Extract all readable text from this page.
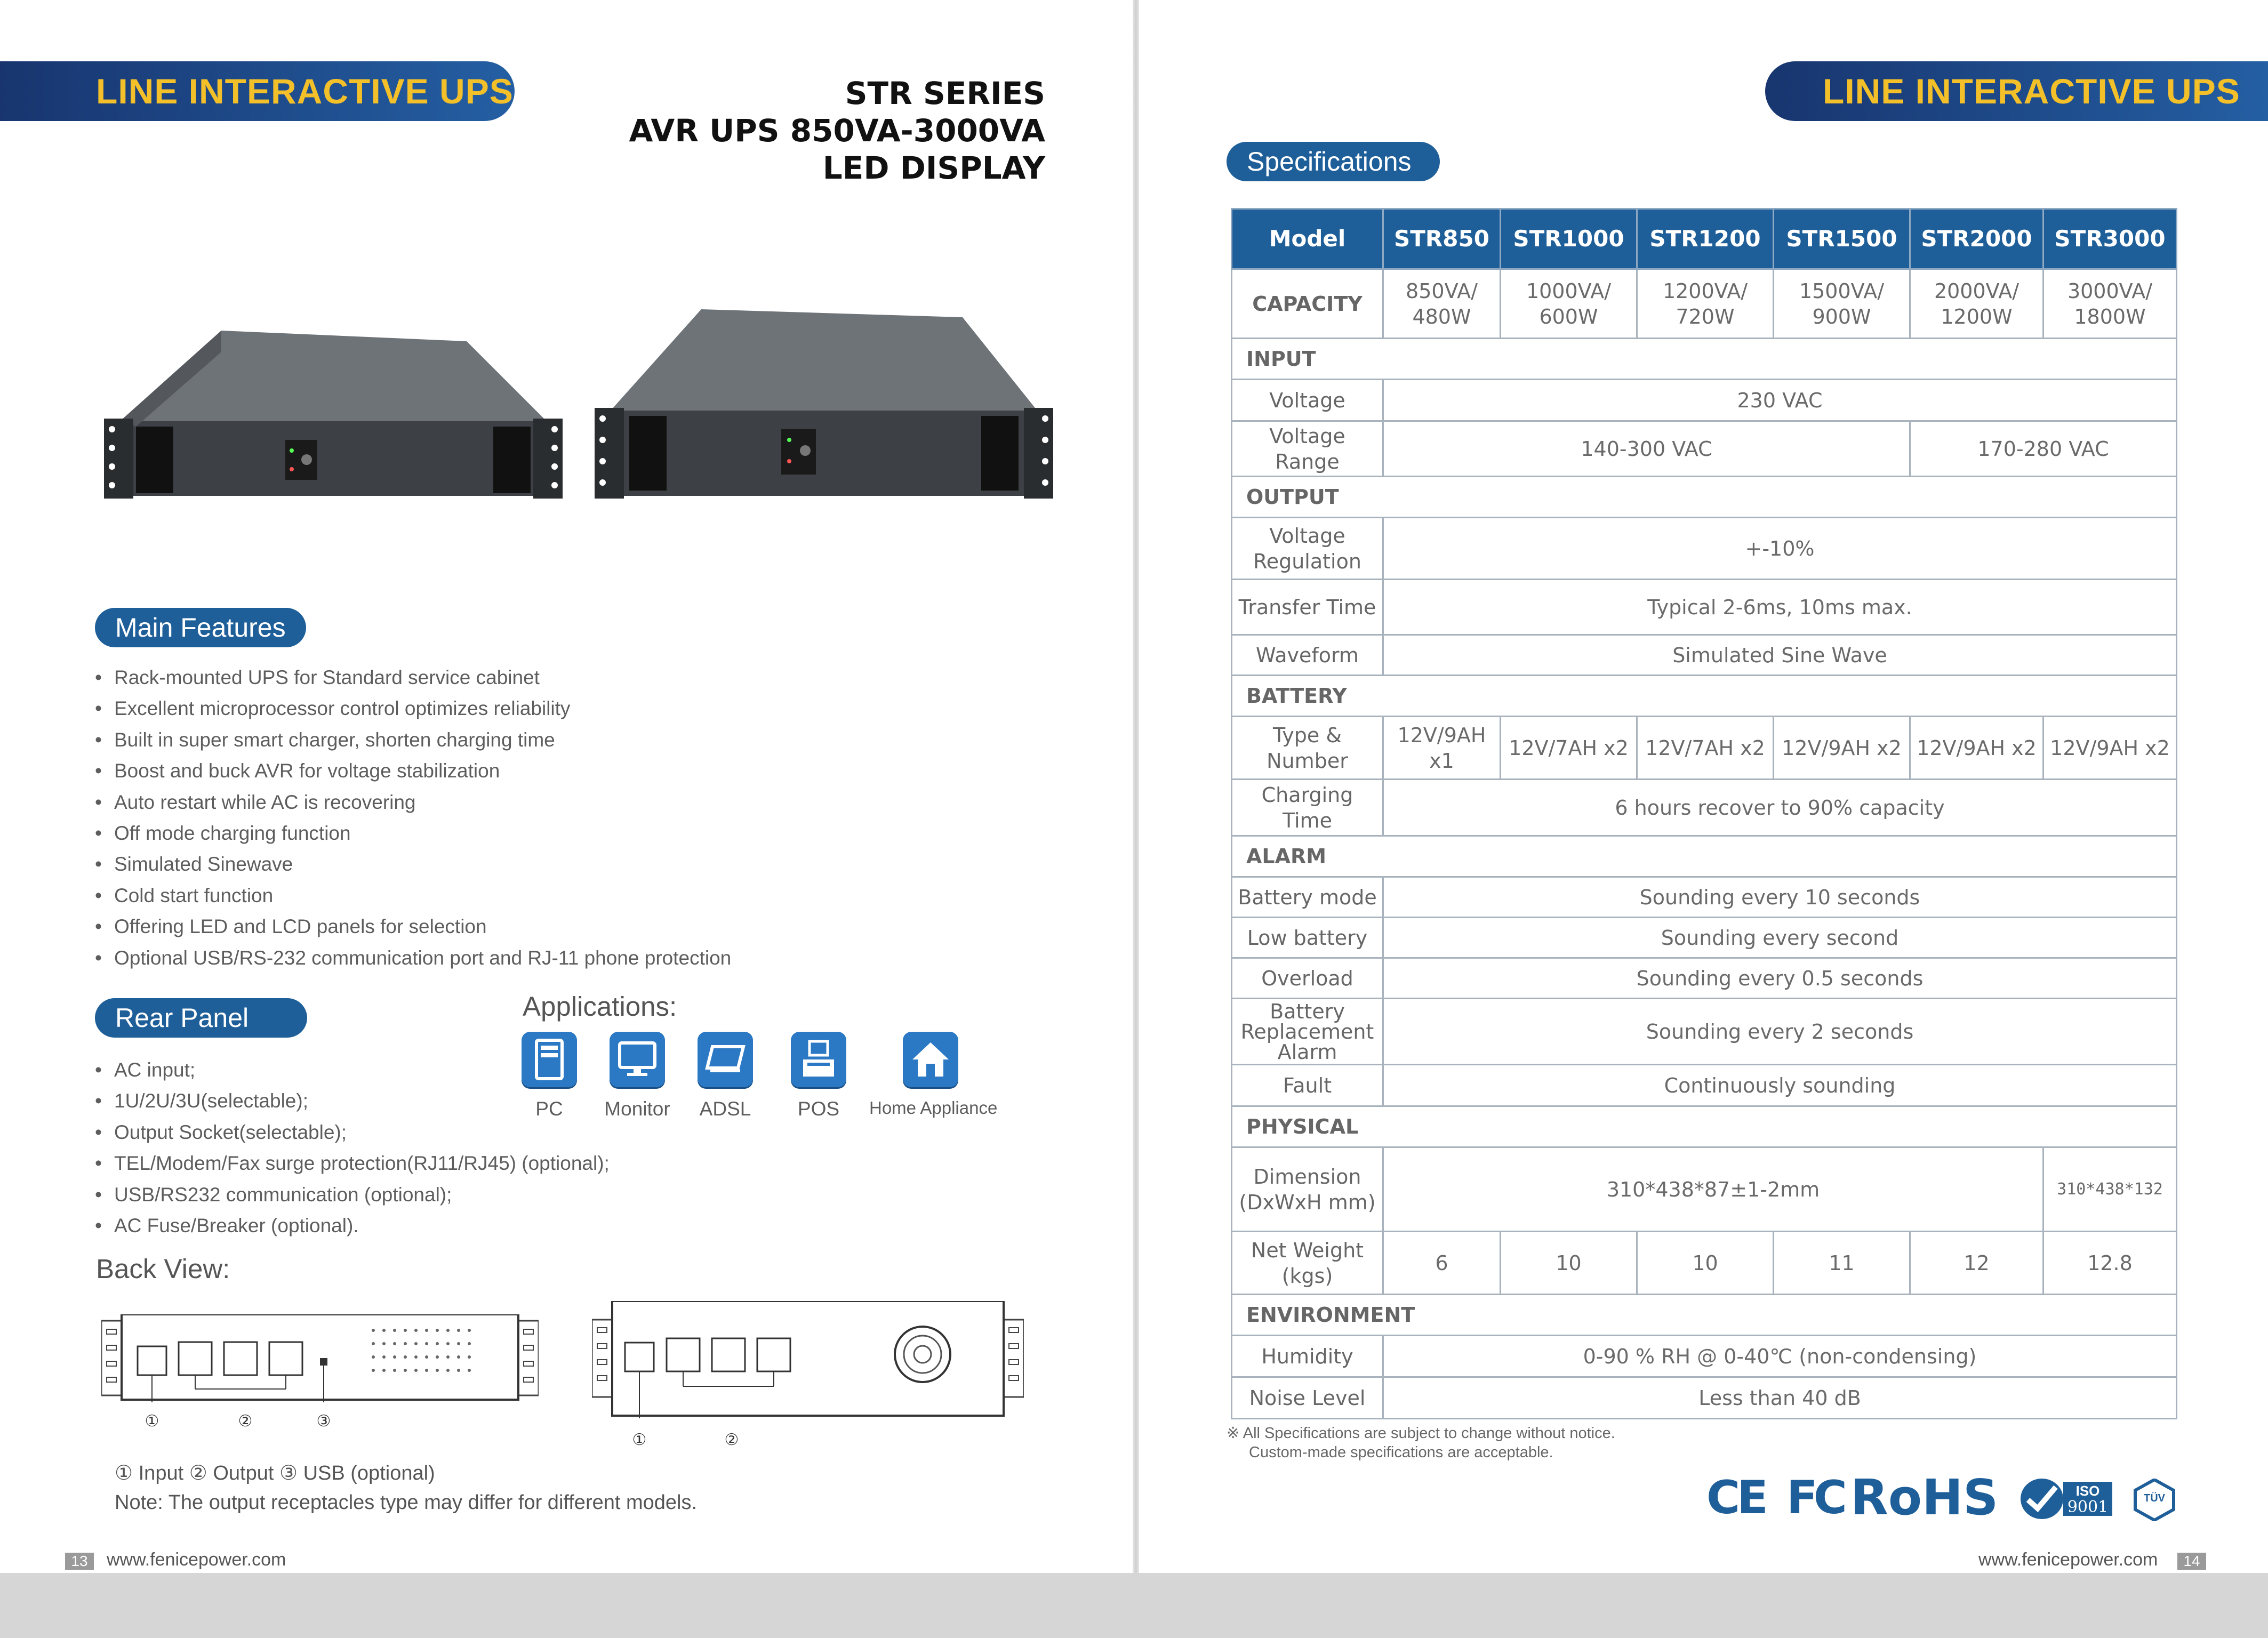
LINE INTERACTIVE UPS	STR SERIES
AVR UPS 850VA-3000VA
LED DISPLAY
Main Features
• Rack-mounted UPS for Standard service cabinet
• Excellent microprocessor control optimizes reliability
• Built in super smart charger, shorten charging time
• Boost and buck AVR for voltage stabilization
• Auto restart while AC is recovering
• Off mode charging function
• Simulated Sinewave
• Cold start function
• Offering LED and LCD panels for selection
• Optional USB/RS-232 communication port and RJ-11 phone protection
Rear Panel
• AC input;
• 1U/2U/3U(selectable);
• Output Socket(selectable);
• TEL/Modem/Fax surge protection(RJ11/RJ45) (optional);
• USB/RS232 communication (optional);
• AC Fuse/Breaker (optional).
Applications:
PC	Monitor	ADSL	POS	Home Appliance
Back View:
①	②	③
①	②
① Input ② Output ③ USB (optional)
Note: The output receptacles type may differ for different models.
13	www.fenicepower.com
LINE INTERACTIVE UPS
Specifications
Model	STR850	STR1000	STR1200	STR1500	STR2000	STR3000
CAPACITY	850VA/ 480W	1000VA/ 600W	1200VA/ 720W	1500VA/ 900W	2000VA/ 1200W	3000VA/ 1800W
INPUT						
Voltage	230 VAC					
Voltage Range	140-300 VAC				170-280 VAC	
OUTPUT						
Voltage Regulation	+-10%					
Transfer Time	Typical 2-6ms, 10ms max.					
Waveform	Simulated Sine Wave					
BATTERY						
Type & Number	12V/9AH x1	12V/7AH x2	12V/7AH x2	12V/9AH x2	12V/9AH x2	12V/9AH x2
Charging Time	6 hours recover to 90% capacity					
ALARM						
Battery mode	Sounding every 10 seconds					
Low battery	Sounding every second					
Overload	Sounding every 0.5 seconds					
Battery Replacement Alarm	Sounding every 2 seconds					
Fault	Continuously sounding					
PHYSICAL						
Dimension (DxWxH mm)	310*438*87±1-2mm					310*438*132
Net Weight (kgs)	6	10	10	11	12	12.8
ENVIRONMENT						
Humidity	0-90 % RH @ 0-40℃ (non-condensing)					
Noise Level	Less than 40 dB					
※ All Specifications are subject to change without notice.
Custom-made specifications are acceptable.
CE FC RoHS	ISO
9001	TÜV
www.fenicepower.com	14
